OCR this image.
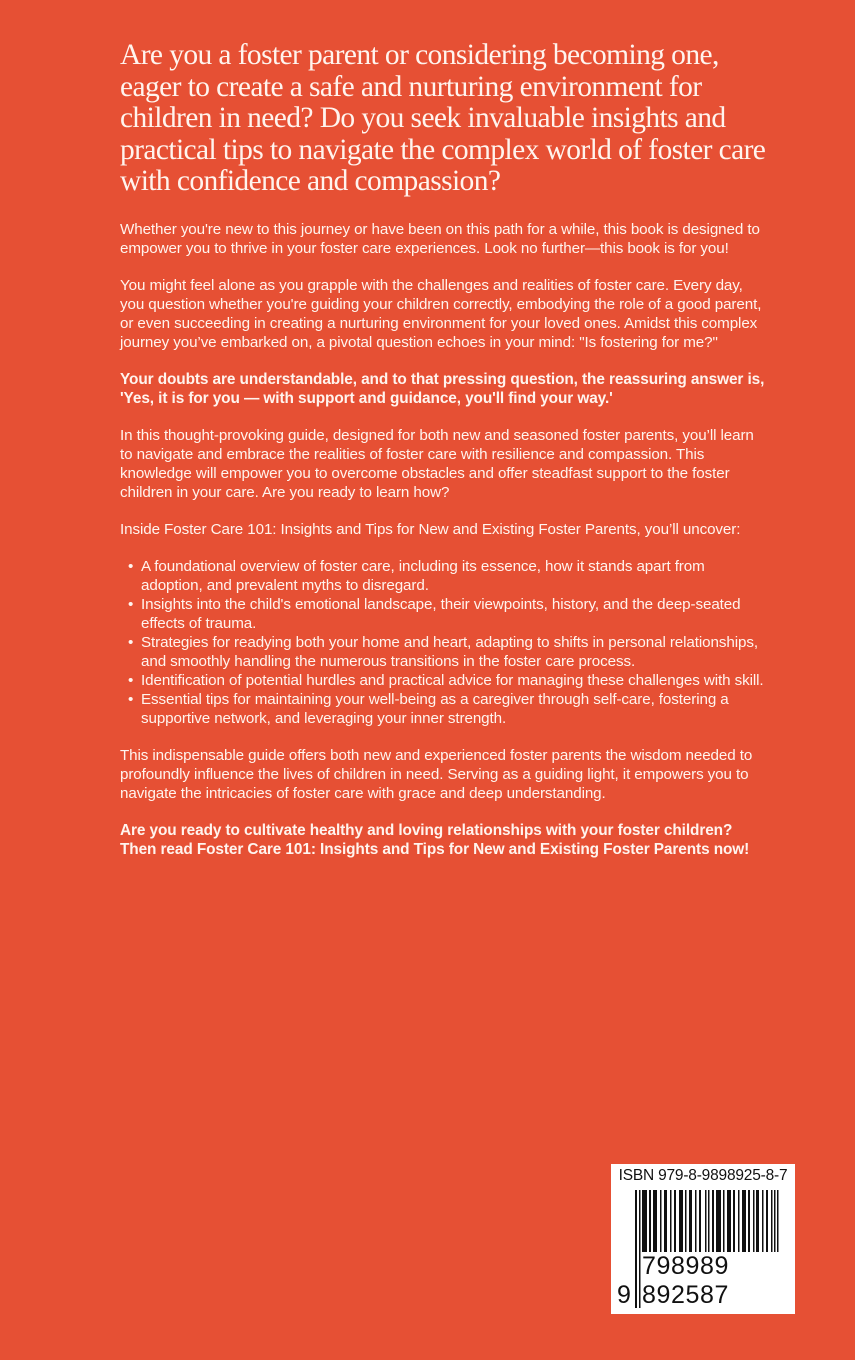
Are you a foster parent or considering becoming one, eager to create a safe and nurturing environment for children in need? Do you seek invaluable insights and practical tips to navigate the complex world of foster care with confidence and compassion?

Whether you're new to this journey or have been on this path for a while, this book is designed to empower you to thrive in your foster care experiences. Look no further—this book is for you!

You might feel alone as you grapple with the challenges and realities of foster care. Every day, you question whether you're guiding your children correctly, embodying the role of a good parent, or even succeeding in creating a nurturing environment for your loved ones. Amidst this complex journey you’ve embarked on, a pivotal question echoes in your mind: "Is fostering for me?"

Your doubts are understandable, and to that pressing question, the reassuring answer is, 'Yes, it is for you — with support and guidance, you'll find your way.'

In this thought-provoking guide, designed for both new and seasoned foster parents, you’ll learn to navigate and embrace the realities of foster care with resilience and compassion. This knowledge will empower you to overcome obstacles and offer steadfast support to the foster children in your care. Are you ready to learn how?

Inside Foster Care 101: Insights and Tips for New and Existing Foster Parents, you’ll uncover:

• A foundational overview of foster care, including its essence, how it stands apart from adoption, and prevalent myths to disregard.
• Insights into the child's emotional landscape, their viewpoints, history, and the deep-seated effects of trauma.
• Strategies for readying both your home and heart, adapting to shifts in personal relationships, and smoothly handling the numerous transitions in the foster care process.
• Identification of potential hurdles and practical advice for managing these challenges with skill.
• Essential tips for maintaining your well-being as a caregiver through self-care, fostering a supportive network, and leveraging your inner strength.

This indispensable guide offers both new and experienced foster parents the wisdom needed to profoundly influence the lives of children in need. Serving as a guiding light, it empowers you to navigate the intricacies of foster care with grace and deep understanding.

Are you ready to cultivate healthy and loving relationships with your foster children? Then read Foster Care 101: Insights and Tips for New and Existing Foster Parents now!

ISBN 979-8-9898925-8-7
9
798989 892587
